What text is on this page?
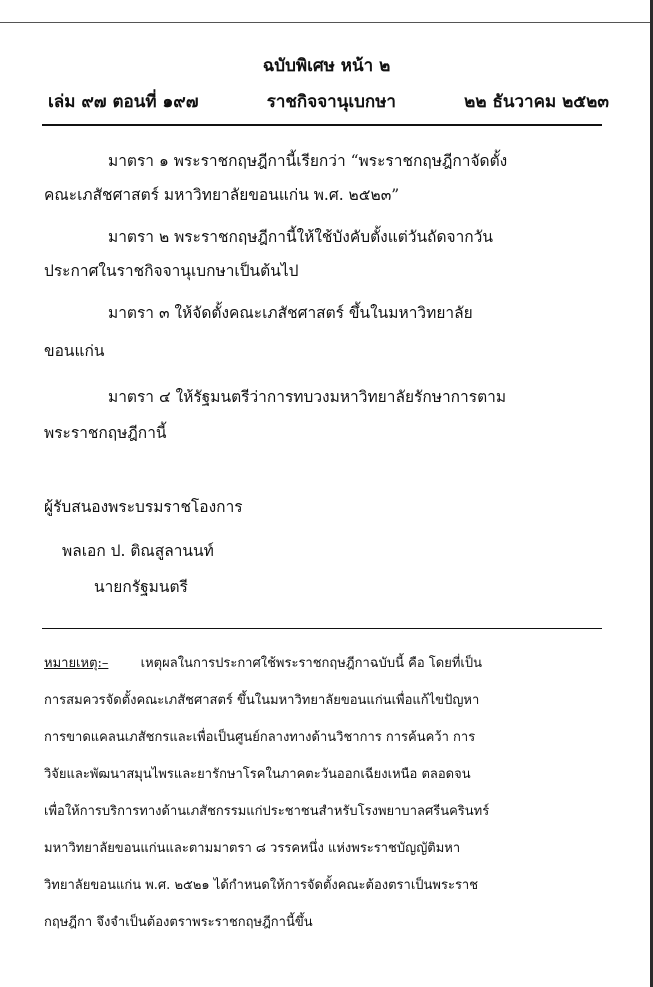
ฉบับพิเศษ หน้า ๒
เล่ม ๙๗ ตอนที่ ๑๙๗	ราชกิจจานุเบกษา	๒๒ ธันวาคม ๒๕๒๓
มาตรา ๑ พระราชกฤษฎีกานี้เรียกว่า “พระราชกฤษฎีกาจัดตั้ง
คณะเภสัชศาสตร์ มหาวิทยาลัยขอนแก่น พ.ศ. ๒๕๒๓”
มาตรา ๒ พระราชกฤษฎีกานี้ให้ใช้บังคับตั้งแต่วันถัดจากวัน
ประกาศในราชกิจจานุเบกษาเป็นต้นไป
มาตรา ๓ ให้จัดตั้งคณะเภสัชศาสตร์ ขึ้นในมหาวิทยาลัย
ขอนแก่น
มาตรา ๔ ให้รัฐมนตรีว่าการทบวงมหาวิทยาลัยรักษาการตาม
พระราชกฤษฎีกานี้
ผู้รับสนองพระบรมราชโองการ
พลเอก ป. ติณสูลานนท์
นายกรัฐมนตรี
หมายเหตุ:– เหตุผลในการประกาศใช้พระราชกฤษฎีกาฉบับนี้ คือ โดยที่เป็น
การสมควรจัดตั้งคณะเภสัชศาสตร์ ขึ้นในมหาวิทยาลัยขอนแก่นเพื่อแก้ไขปัญหา
การขาดแคลนเภสัชกรและเพื่อเป็นศูนย์กลางทางด้านวิชาการ การค้นคว้า การ
วิจัยและพัฒนาสมุนไพรและยารักษาโรคในภาคตะวันออกเฉียงเหนือ ตลอดจน
เพื่อให้การบริการทางด้านเภสัชกรรมแก่ประชาชนสำหรับโรงพยาบาลศรีนครินทร์
มหาวิทยาลัยขอนแก่นและตามมาตรา ๘ วรรคหนึ่ง แห่งพระราชบัญญัติมหา
วิทยาลัยขอนแก่น พ.ศ. ๒๕๒๑ ได้กำหนดให้การจัดตั้งคณะต้องตราเป็นพระราช
กฤษฎีกา จึงจำเป็นต้องตราพระราชกฤษฎีกานี้ขึ้น
